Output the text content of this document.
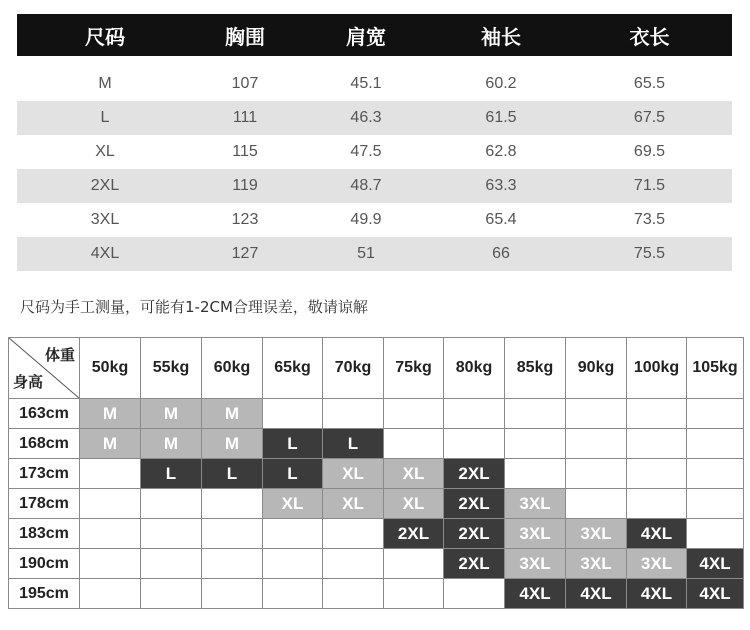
尺码	胸围	肩宽	袖长	衣长
M	107	45.1	60.2	65.5
L	111	46.3	61.5	67.5
XL	115	47.5	62.8	69.5
2XL	119	48.7	63.3	71.5
3XL	123	49.9	65.4	73.5
4XL	127	51	66	75.5
尺码为手工测量，可能有1-2CM合理误差，敬请谅解
体重
身高	50kg	55kg	60kg	65kg	70kg	75kg	80kg	85kg	90kg	100kg	105kg
163cm	M	M	M								
168cm	M	M	M	L	L						
173cm		L	L	L	XL	XL	2XL				
178cm				XL	XL	XL	2XL	3XL			
183cm						2XL	2XL	3XL	3XL	4XL	
190cm							2XL	3XL	3XL	3XL	4XL
195cm								4XL	4XL	4XL	4XL
